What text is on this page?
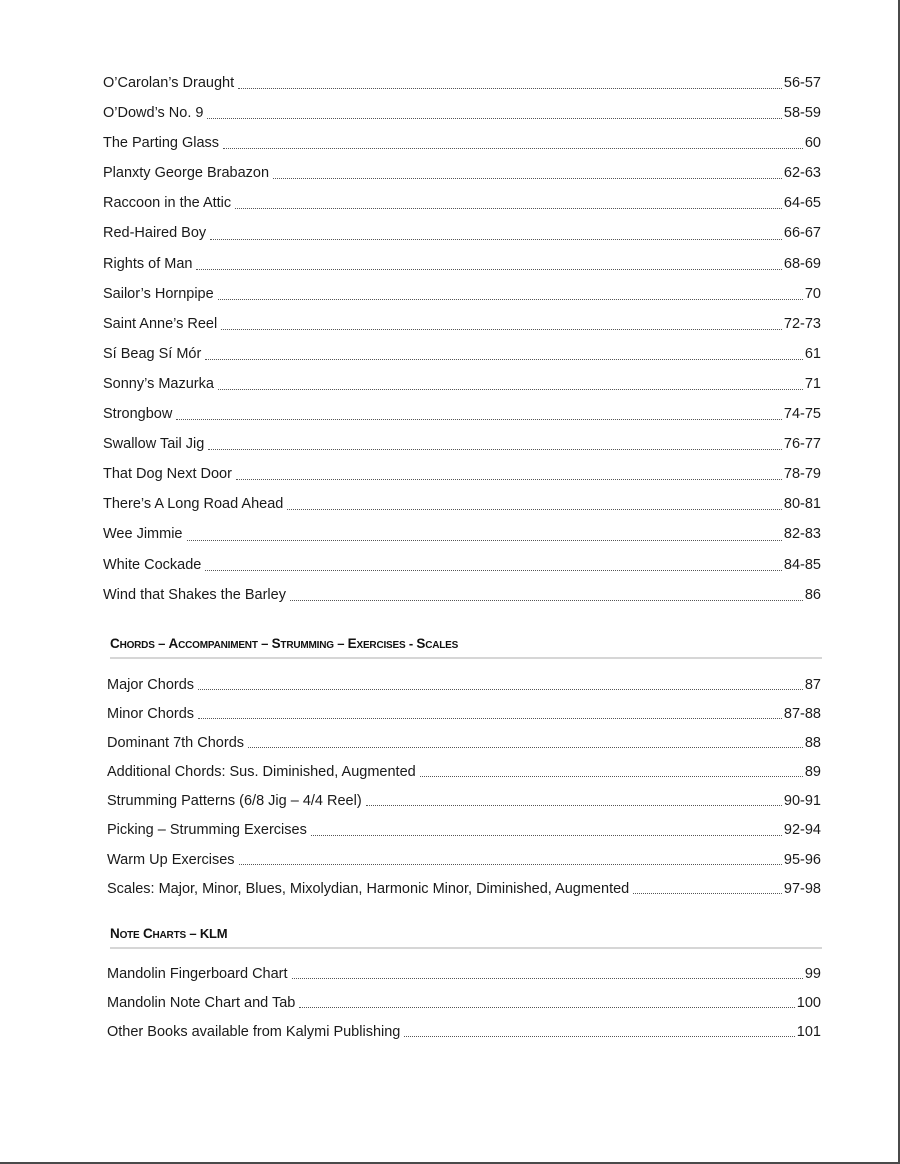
O’Carolan’s Draught	56-57
O’Dowd’s No. 9	58-59
The Parting Glass	60
Planxty George Brabazon	62-63
Raccoon in the Attic	64-65
Red-Haired Boy	66-67
Rights of Man	68-69
Sailor’s Hornpipe	70
Saint Anne’s Reel	72-73
Sí Beag Sí Mór	61
Sonny’s Mazurka	71
Strongbow	74-75
Swallow Tail Jig	76-77
That Dog Next Door	78-79
There’s A Long Road Ahead	80-81
Wee Jimmie	82-83
White Cockade	84-85
Wind that Shakes the Barley	86
CHORDS – ACCOMPANIMENT – STRUMMING – EXERCISES - SCALES
Major Chords	87
Minor Chords	87-88
Dominant 7th Chords	88
Additional Chords: Sus. Diminished, Augmented	89
Strumming Patterns (6/8 Jig – 4/4 Reel)	90-91
Picking – Strumming Exercises	92-94
Warm Up Exercises	95-96
Scales: Major, Minor, Blues, Mixolydian, Harmonic Minor, Diminished, Augmented	97-98
NOTE CHARTS – KLM
Mandolin Fingerboard Chart	99
Mandolin Note Chart and Tab	100
Other Books available from Kalymi Publishing	101
